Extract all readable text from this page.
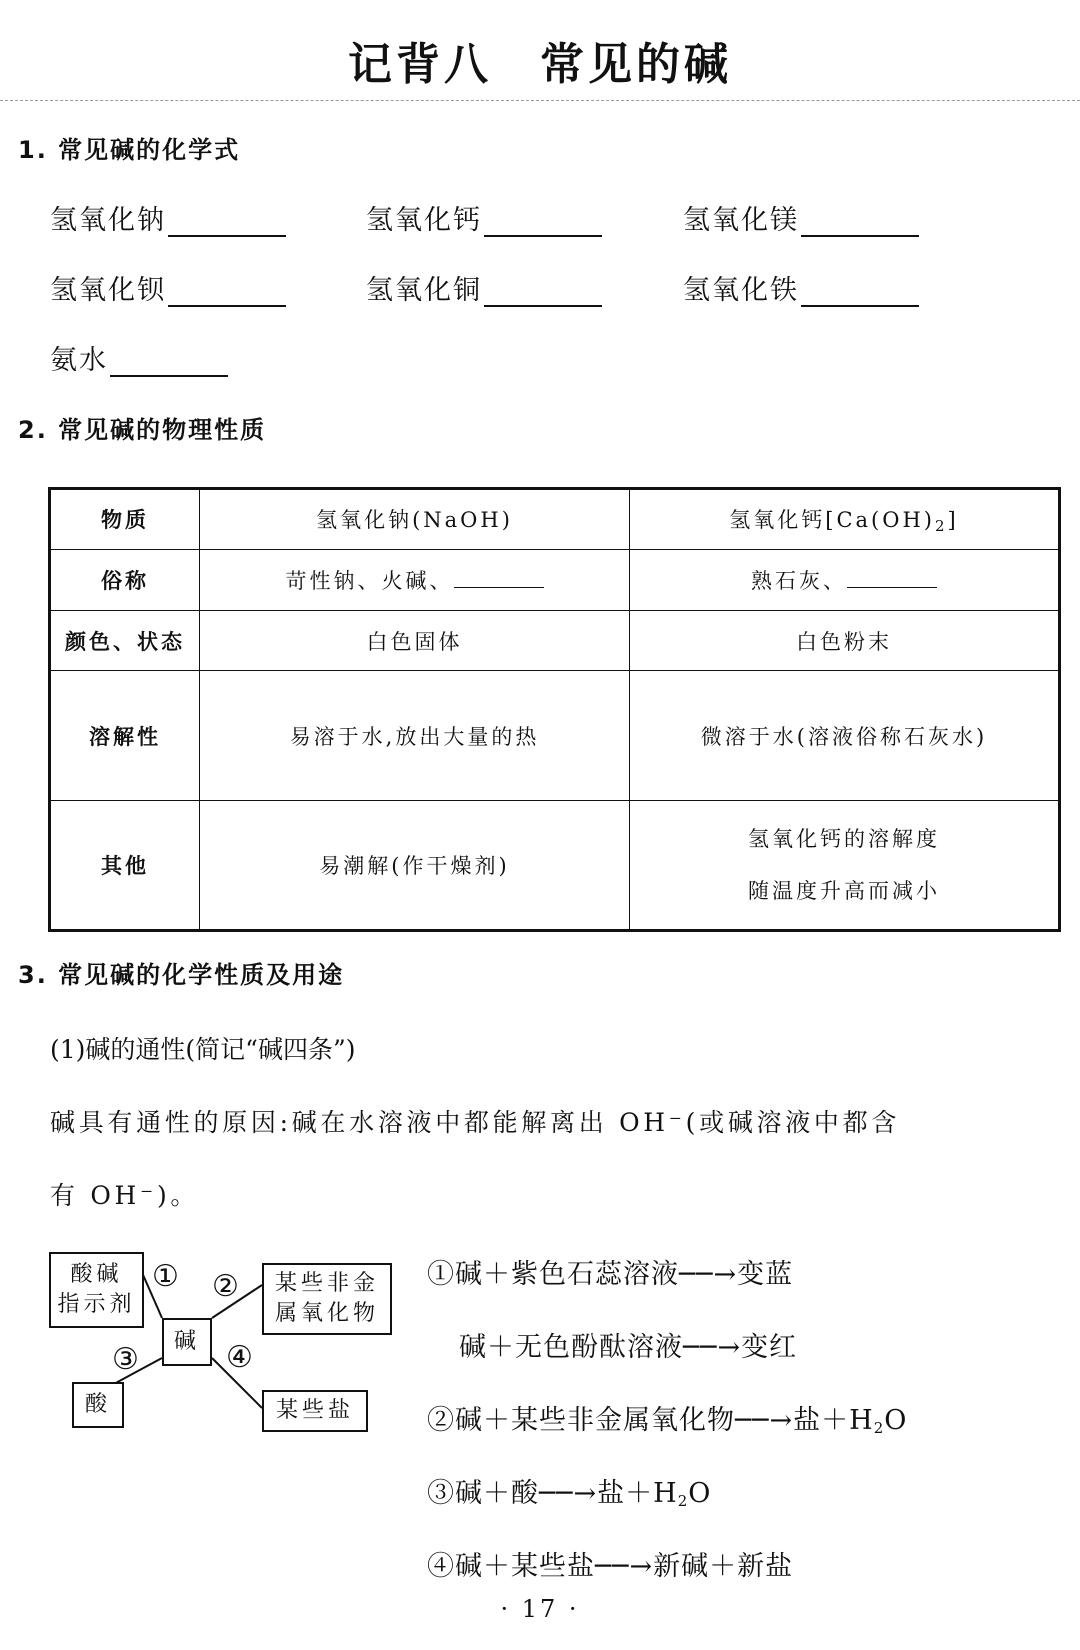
记背八　常见的碱
1. 常见碱的化学式
氢氧化钠	氢氧化钙	氢氧化镁
氢氧化钡	氢氧化铜	氢氧化铁
氨水
2. 常见碱的物理性质
物质	氢氧化钠(NaOH)	氢氧化钙$[Ca(OH)_2]$
俗称	苛性钠、火碱、	熟石灰、
颜色、状态	白色固体	白色粉末
溶解性	易溶于水,放出大量的热	微溶于水(溶液俗称石灰水)
其他	易潮解(作干燥剂)	氢氧化钙的溶解度
随温度升高而减小
3. 常见碱的化学性质及用途
(1)碱的通性(简记“碱四条”)
碱具有通性的原因:碱在水溶液中都能解离出 OH⁻(或碱溶液中都含
有 OH⁻)。
酸碱
指示剂
碱
酸
某些非金
属氧化物
某些盐
① ②
③	④
①碱＋紫色石蕊溶液──→变蓝
碱＋无色酚酞溶液──→变红
②碱＋某些非金属氧化物──→盐$+H_2O$
③碱＋酸──→盐$+H_2O$
④碱＋某些盐──→新碱＋新盐
· 17 ·
